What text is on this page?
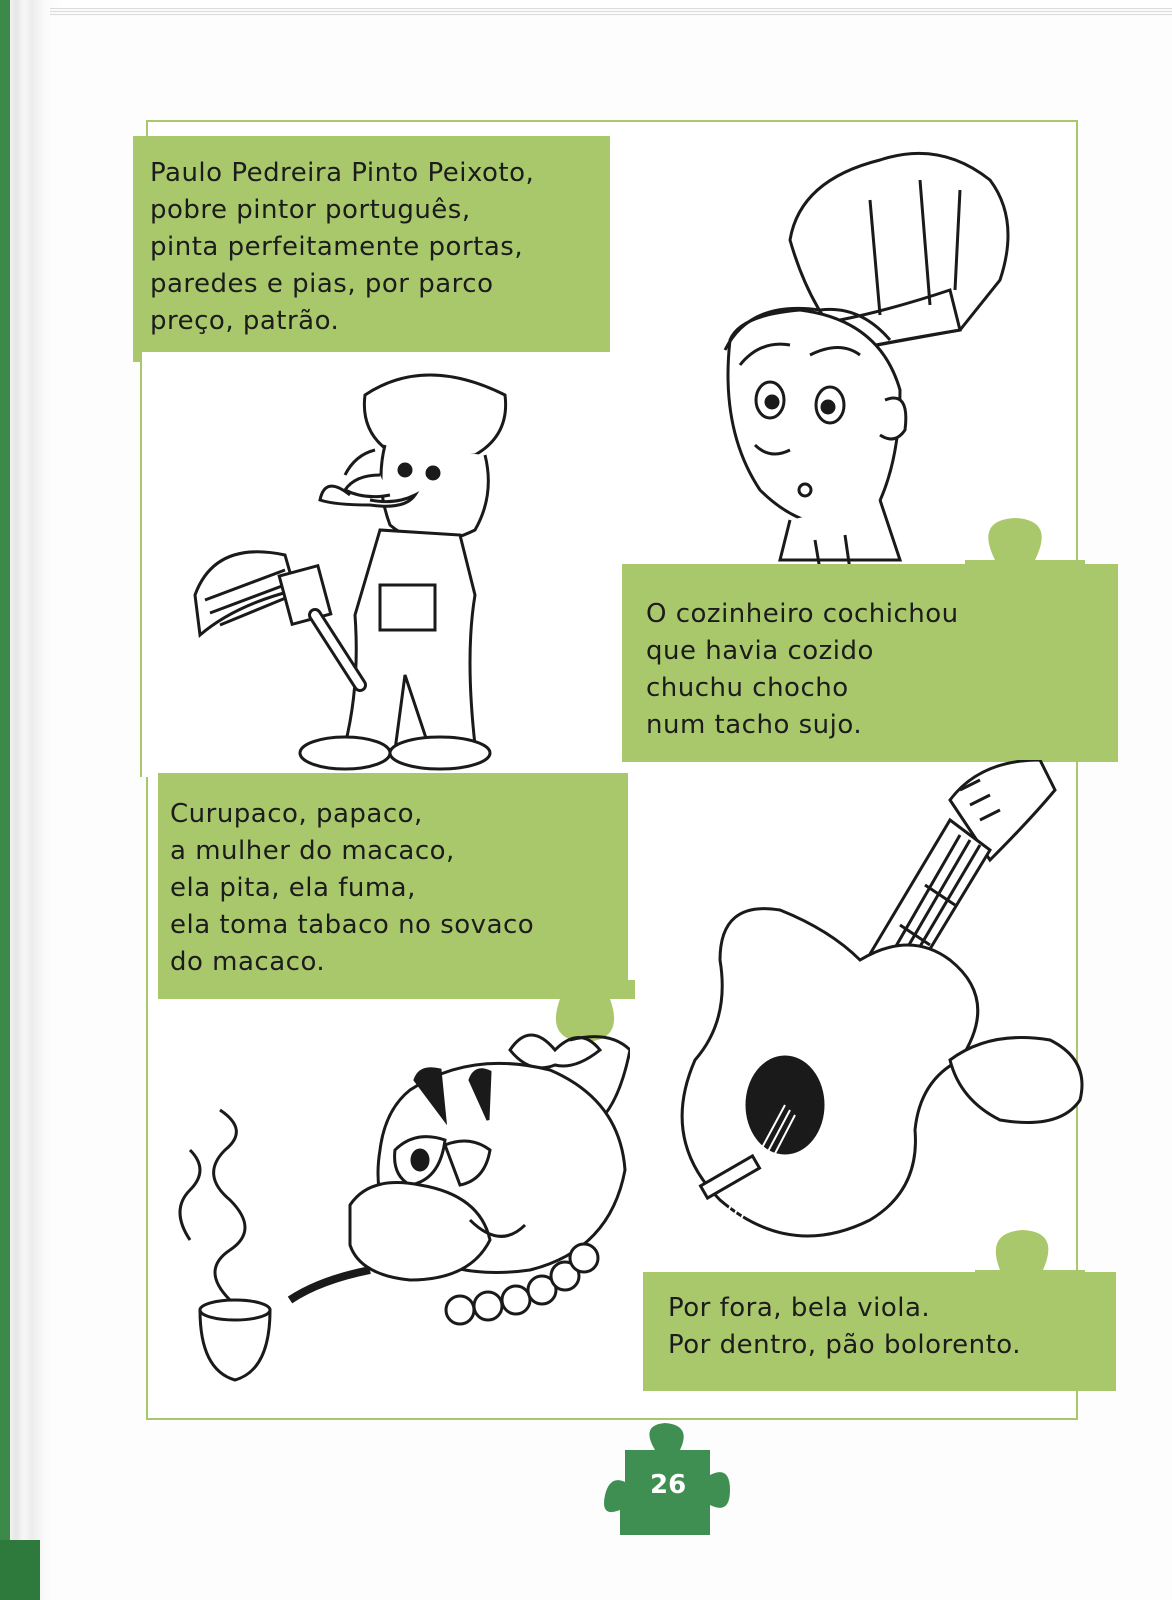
Paulo Pedreira Pinto Peixoto,
pobre pintor português,
pinta perfeitamente portas,
paredes e pias, por parco
preço, patrão.
O cozinheiro cochichou
que havia cozido
chuchu chocho
num tacho sujo.
Curupaco, papaco,
a mulher do macaco,
ela pita, ela fuma,
ela toma tabaco no sovaco
do macaco.
Por fora, bela viola.
Por dentro, pão bolorento.
26
